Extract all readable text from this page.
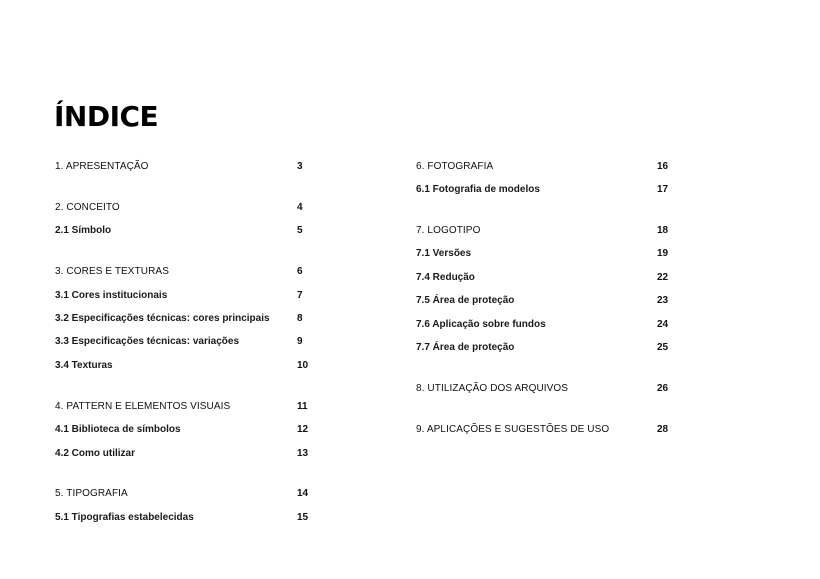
ÍNDICE
1. APRESENTAÇÃO	3
2. CONCEITO	4
2.1 Símbolo	5
3. CORES E TEXTURAS	6
3.1 Cores institucionais	7
3.2 Especificações técnicas: cores principais	8
3.3 Especificações técnicas: variações	9
3.4 Texturas	10
4. PATTERN E ELEMENTOS VISUAIS	11
4.1 Biblioteca de símbolos	12
4.2 Como utilizar	13
5. TIPOGRAFIA	14
5.1 Tipografias estabelecidas	15
6. FOTOGRAFIA	16
6.1 Fotografia de modelos	17
7. LOGOTIPO	18
7.1 Versões	19
7.4 Redução	22
7.5 Área de proteção	23
7.6 Aplicação sobre fundos	24
7.7 Área de proteção	25
8. UTILIZAÇÃO DOS ARQUIVOS	26
9. APLICAÇÕES E SUGESTÕES DE USO	28
